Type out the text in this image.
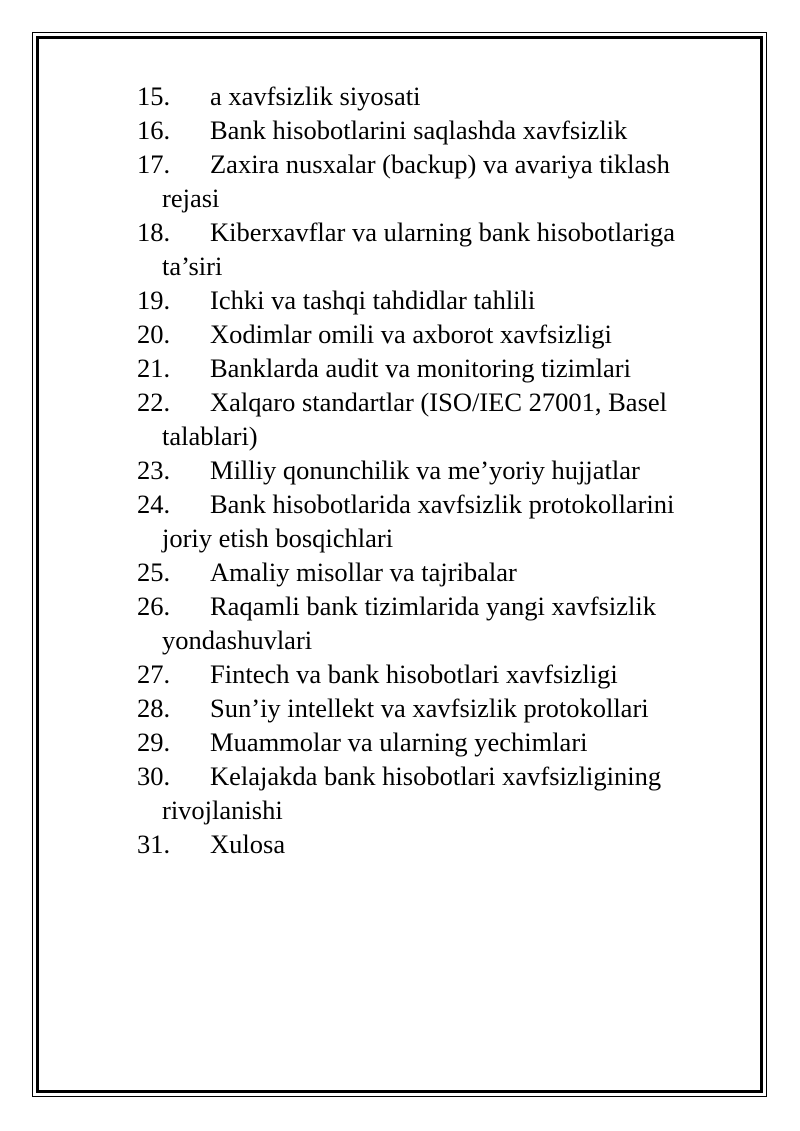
15.	a xavfsizlik siyosati
16.	Bank hisobotlarini saqlashda xavfsizlik
17.	Zaxira nusxalar (backup) va avariya tiklash
rejasi
18.	Kiberxavflar va ularning bank hisobotlariga
ta’siri
19.	Ichki va tashqi tahdidlar tahlili
20.	Xodimlar omili va axborot xavfsizligi
21.	Banklarda audit va monitoring tizimlari
22.	Xalqaro standartlar (ISO/IEC 27001, Basel
talablari)
23.	Milliy qonunchilik va me’yoriy hujjatlar
24.	Bank hisobotlarida xavfsizlik protokollarini
joriy etish bosqichlari
25.	Amaliy misollar va tajribalar
26.	Raqamli bank tizimlarida yangi xavfsizlik
yondashuvlari
27.	Fintech va bank hisobotlari xavfsizligi
28.	Sun’iy intellekt va xavfsizlik protokollari
29.	Muammolar va ularning yechimlari
30.	Kelajakda bank hisobotlari xavfsizligining
rivojlanishi
31.	Xulosa
